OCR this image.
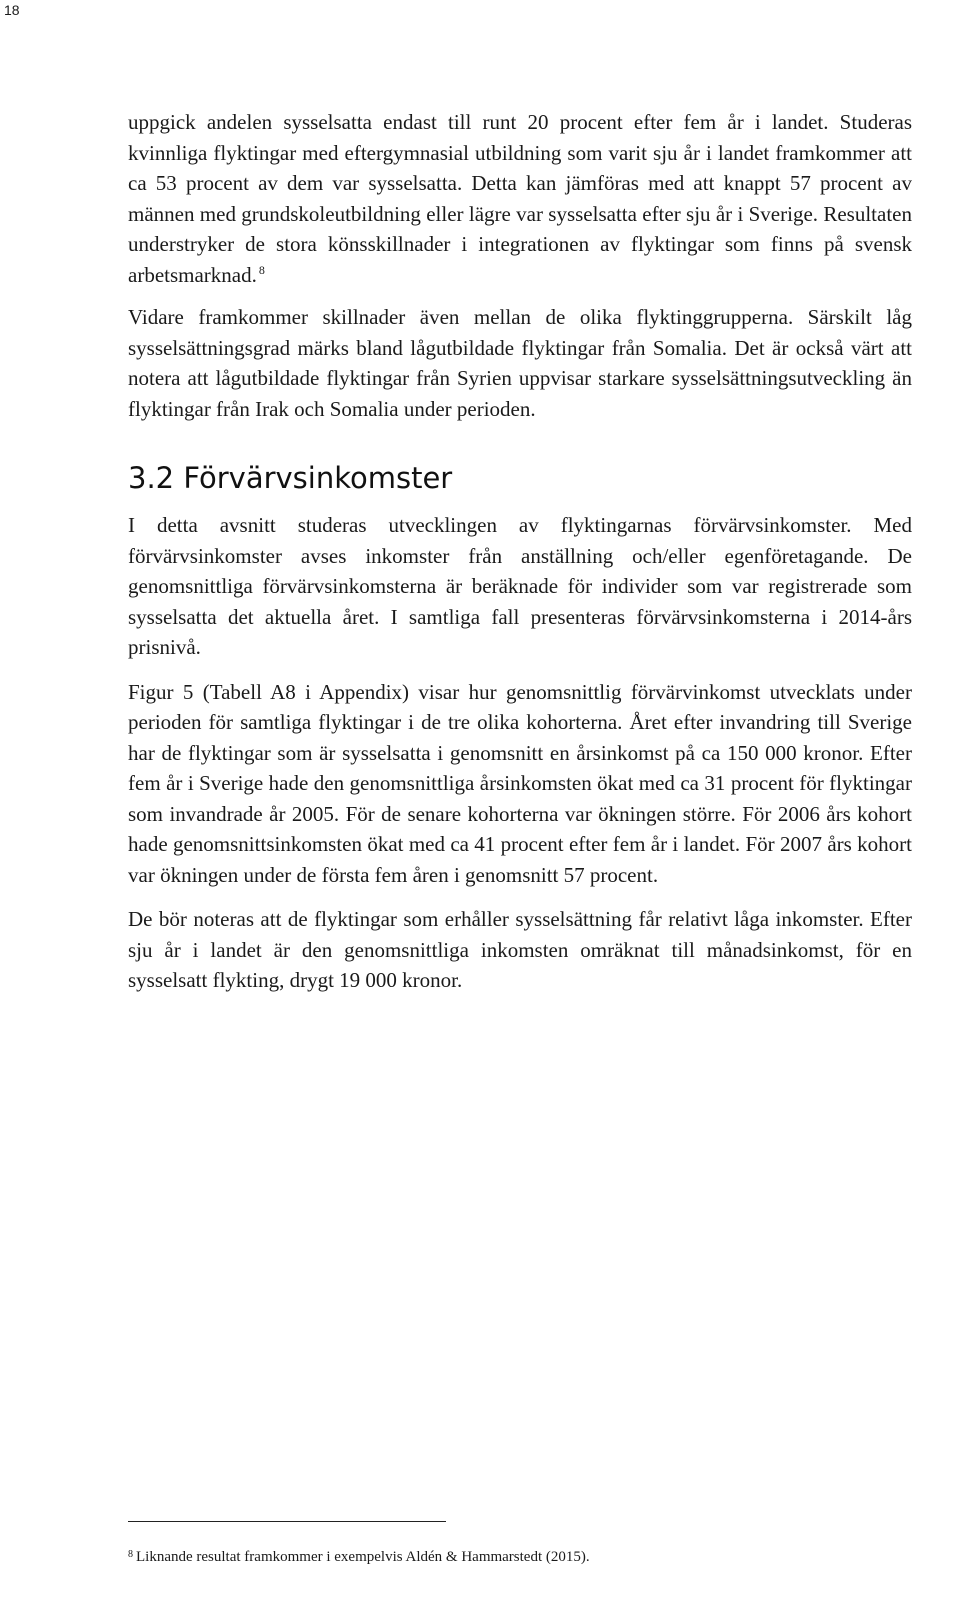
18

uppgick andelen sysselsatta endast till runt 20 procent efter fem år i landet. Studeras kvinnliga flyktingar med eftergymnasial utbildning som varit sju år i landet framkommer att ca 53 procent av dem var sysselsatta. Detta kan jämföras med att knappt 57 procent av männen med grundskoleutbildning eller lägre var sysselsatta efter sju år i Sverige. Resultaten understryker de stora könsskillnader i integrationen av flyktingar som finns på svensk arbetsmarknad. $^8$

Vidare framkommer skillnader även mellan de olika flyktinggrupperna. Särskilt låg sysselsättningsgrad märks bland lågutbildade flyktingar från Somalia. Det är också värt att notera att lågutbildade flyktingar från Syrien uppvisar starkare sysselsättningsutveckling än flyktingar från Irak och Somalia under perioden.

3.2 Förvärvsinkomster

I detta avsnitt studeras utvecklingen av flyktingarnas förvärvsinkomster. Med förvärvsinkomster avses inkomster från anställning och/eller egenföretagande. De genomsnittliga förvärvsinkomsterna är beräknade för individer som var registrerade som sysselsatta det aktuella året. I samtliga fall presenteras förvärvsinkomsterna i 2014-års prisnivå.

Figur 5 (Tabell A8 i Appendix) visar hur genomsnittlig förvärvinkomst utvecklats under perioden för samtliga flyktingar i de tre olika kohorterna. Året efter invandring till Sverige har de flyktingar som är sysselsatta i genomsnitt en årsinkomst på ca 150 000 kronor. Efter fem år i Sverige hade den genomsnittliga årsinkomsten ökat med ca 31 procent för flyktingar som invandrade år 2005. För de senare kohorterna var ökningen större. För 2006 års kohort hade genomsnittsinkomsten ökat med ca 41 procent efter fem år i landet. För 2007 års kohort var ökningen under de första fem åren i genomsnitt 57 procent.

De bör noteras att de flyktingar som erhåller sysselsättning får relativt låga inkomster. Efter sju år i landet är den genomsnittliga inkomsten omräknat till månadsinkomst, för en sysselsatt flykting, drygt 19 000 kronor.

$^8$ Liknande resultat framkommer i exempelvis Aldén & Hammarstedt (2015).
